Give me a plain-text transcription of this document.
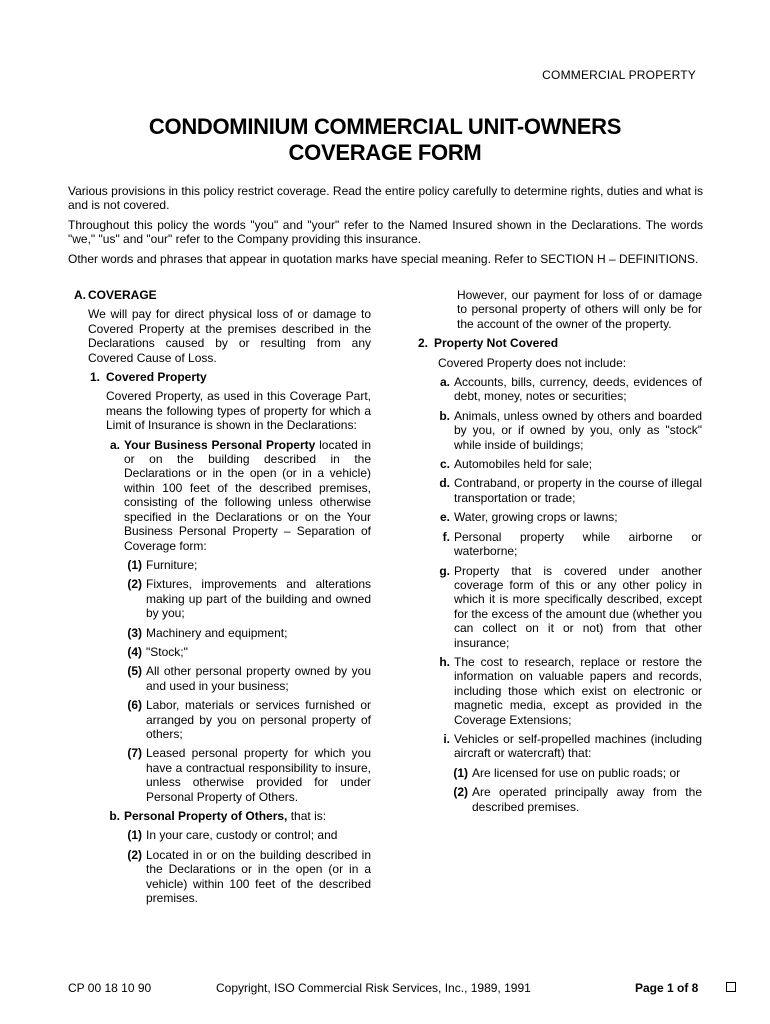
COMMERCIAL PROPERTY
CONDOMINIUM COMMERCIAL UNIT-OWNERS
COVERAGE FORM

Various provisions in this policy restrict coverage. Read the entire policy carefully to determine rights, duties and what is and is not covered.

Throughout this policy the words "you" and "your" refer to the Named Insured shown in the Declarations. The words "we," "us" and "our" refer to the Company providing this insurance.

Other words and phrases that appear in quotation marks have special meaning. Refer to SECTION H – DEFINITIONS.

A. COVERAGE

We will pay for direct physical loss of or damage to Covered Property at the premises described in the Declarations caused by or resulting from any Covered Cause of Loss.

1. Covered Property

Covered Property, as used in this Coverage Part, means the following types of property for which a Limit of Insurance is shown in the Declarations:

a. Your Business Personal Property located in or on the building described in the Declarations or in the open (or in a vehicle) within 100 feet of the described premises, consisting of the following unless otherwise specified in the Declarations or on the Your Business Personal Property – Separation of Coverage form:
(1) Furniture;
(2) Fixtures, improvements and alterations making up part of the building and owned by you;
(3) Machinery and equipment;
(4) "Stock;"
(5) All other personal property owned by you and used in your business;
(6) Labor, materials or services furnished or arranged by you on personal property of others;
(7) Leased personal property for which you have a contractual responsibility to insure, unless otherwise provided for under Personal Property of Others.
b. Personal Property of Others, that is:
(1) In your care, custody or control; and
(2) Located in or on the building described in the Declarations or in the open (or in a vehicle) within 100 feet of the described premises.

However, our payment for loss of or damage to personal property of others will only be for the account of the owner of the property.

2. Property Not Covered

Covered Property does not include:

a. Accounts, bills, currency, deeds, evidences of debt, money, notes or securities;
b. Animals, unless owned by others and boarded by you, or if owned by you, only as "stock" while inside of buildings;
c. Automobiles held for sale;
d. Contraband, or property in the course of illegal transportation or trade;
e. Water, growing crops or lawns;
f. Personal property while airborne or waterborne;
g. Property that is covered under another coverage form of this or any other policy in which it is more specifically described, except for the excess of the amount due (whether you can collect on it or not) from that other insurance;
h. The cost to research, replace or restore the information on valuable papers and records, including those which exist on electronic or magnetic media, except as provided in the Coverage Extensions;
i. Vehicles or self-propelled machines (including aircraft or watercraft) that:
(1) Are licensed for use on public roads; or
(2) Are operated principally away from the described premises.
CP 00 18 10 90	Copyright, ISO Commercial Risk Services, Inc., 1989, 1991	Page 1 of 8
